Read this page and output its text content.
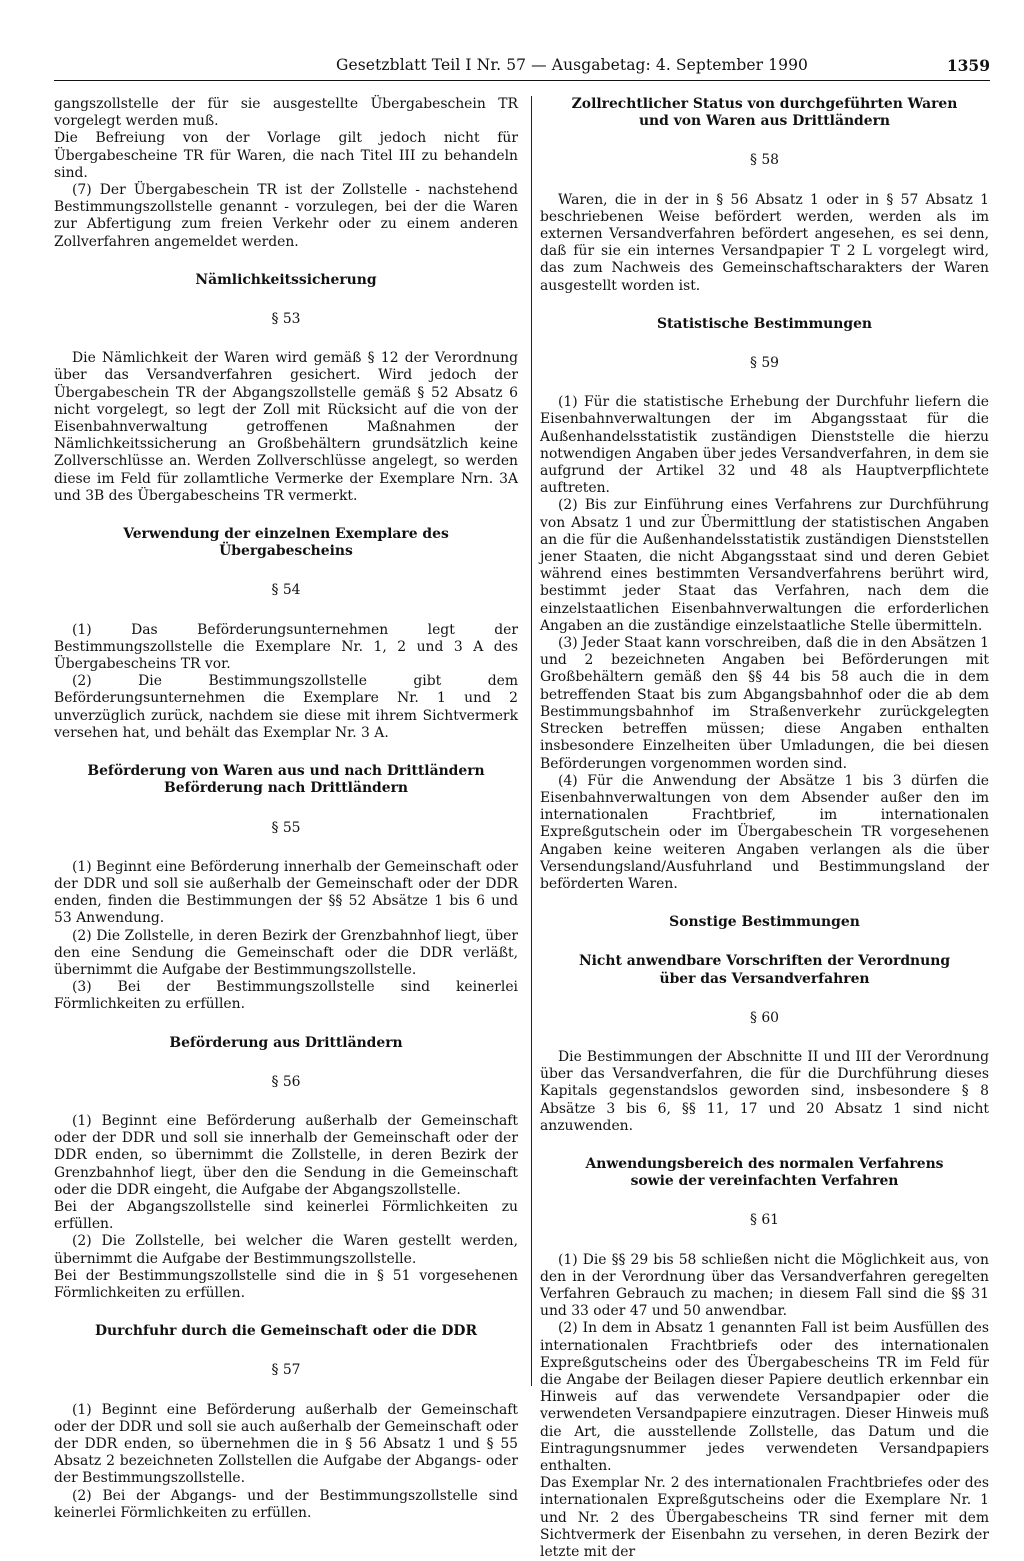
Gesetzblatt Teil I Nr. 57 — Ausgabetag: 4. September 1990	1359

gangszollstelle der für sie ausgestellte Übergabeschein TR vorgelegt werden muß.

Die Befreiung von der Vorlage gilt jedoch nicht für Übergabescheine TR für Waren, die nach Titel III zu behandeln sind.

(7) Der Übergabeschein TR ist der Zollstelle - nachstehend Bestimmungszollstelle genannt - vorzulegen, bei der die Waren zur Abfertigung zum freien Verkehr oder zu einem anderen Zollverfahren angemeldet werden.

Nämlichkeitssicherung

§ 53

Die Nämlichkeit der Waren wird gemäß § 12 der Verordnung über das Versandverfahren gesichert. Wird jedoch der Übergabeschein TR der Abgangszollstelle gemäß § 52 Absatz 6 nicht vorgelegt, so legt der Zoll mit Rücksicht auf die von der Eisenbahnverwaltung getroffenen Maßnahmen der Nämlichkeitssicherung an Großbehältern grundsätzlich keine Zollverschlüsse an. Werden Zollverschlüsse angelegt, so werden diese im Feld für zollamtliche Vermerke der Exemplare Nrn. 3A und 3B des Übergabescheins TR vermerkt.

Verwendung der einzelnen Exemplare des Übergabescheins

§ 54

(1) Das Beförderungsunternehmen legt der Bestimmungszollstelle die Exemplare Nr. 1, 2 und 3 A des Übergabescheins TR vor.

(2) Die Bestimmungszollstelle gibt dem Beförderungsunternehmen die Exemplare Nr. 1 und 2 unverzüglich zurück, nachdem sie diese mit ihrem Sichtvermerk versehen hat, und behält das Exemplar Nr. 3 A.

Beförderung von Waren aus und nach Drittländern
Beförderung nach Drittländern

§ 55

(1) Beginnt eine Beförderung innerhalb der Gemeinschaft oder der DDR und soll sie außerhalb der Gemeinschaft oder der DDR enden, finden die Bestimmungen der §§ 52 Absätze 1 bis 6 und 53 Anwendung.

(2) Die Zollstelle, in deren Bezirk der Grenzbahnhof liegt, über den eine Sendung die Gemeinschaft oder die DDR verläßt, übernimmt die Aufgabe der Bestimmungszollstelle.

(3) Bei der Bestimmungszollstelle sind keinerlei Förmlichkeiten zu erfüllen.

Beförderung aus Drittländern

§ 56

(1) Beginnt eine Beförderung außerhalb der Gemeinschaft oder der DDR und soll sie innerhalb der Gemeinschaft oder der DDR enden, so übernimmt die Zollstelle, in deren Bezirk der Grenzbahnhof liegt, über den die Sendung in die Gemeinschaft oder die DDR eingeht, die Aufgabe der Abgangszollstelle.

Bei der Abgangszollstelle sind keinerlei Förmlichkeiten zu erfüllen.

(2) Die Zollstelle, bei welcher die Waren gestellt werden, übernimmt die Aufgabe der Bestimmungszollstelle.

Bei der Bestimmungszollstelle sind die in § 51 vorgesehenen Förmlichkeiten zu erfüllen.

Durchfuhr durch die Gemeinschaft oder die DDR

§ 57

(1) Beginnt eine Beförderung außerhalb der Gemeinschaft oder der DDR und soll sie auch außerhalb der Gemeinschaft oder der DDR enden, so übernehmen die in § 56 Absatz 1 und § 55 Absatz 2 bezeichneten Zollstellen die Aufgabe der Abgangs- oder der Bestimmungszollstelle.

(2) Bei der Abgangs- und der Bestimmungszollstelle sind keinerlei Förmlichkeiten zu erfüllen.

Zollrechtlicher Status von durchgeführten Waren
und von Waren aus Drittländern

§ 58

Waren, die in der in § 56 Absatz 1 oder in § 57 Absatz 1 beschriebenen Weise befördert werden, werden als im externen Versandverfahren befördert angesehen, es sei denn, daß für sie ein internes Versandpapier T 2 L vorgelegt wird, das zum Nachweis des Gemeinschaftscharakters der Waren ausgestellt worden ist.

Statistische Bestimmungen

§ 59

(1) Für die statistische Erhebung der Durchfuhr liefern die Eisenbahnverwaltungen der im Abgangsstaat für die Außenhandelsstatistik zuständigen Dienststelle die hierzu notwendigen Angaben über jedes Versandverfahren, in dem sie aufgrund der Artikel 32 und 48 als Hauptverpflichtete auftreten.

(2) Bis zur Einführung eines Verfahrens zur Durchführung von Absatz 1 und zur Übermittlung der statistischen Angaben an die für die Außenhandelsstatistik zuständigen Dienststellen jener Staaten, die nicht Abgangsstaat sind und deren Gebiet während eines bestimmten Versandverfahrens berührt wird, bestimmt jeder Staat das Verfahren, nach dem die einzelstaatlichen Eisenbahnverwaltungen die erforderlichen Angaben an die zuständige einzelstaatliche Stelle übermitteln.

(3) Jeder Staat kann vorschreiben, daß die in den Absätzen 1 und 2 bezeichneten Angaben bei Beförderungen mit Großbehältern gemäß den §§ 44 bis 58 auch die in dem betreffenden Staat bis zum Abgangsbahnhof oder die ab dem Bestimmungsbahnhof im Straßenverkehr zurückgelegten Strecken betreffen müssen; diese Angaben enthalten insbesondere Einzelheiten über Umladungen, die bei diesen Beförderungen vorgenommen worden sind.

(4) Für die Anwendung der Absätze 1 bis 3 dürfen die Eisenbahnverwaltungen von dem Absender außer den im internationalen Frachtbrief, im internationalen Expreßgutschein oder im Übergabeschein TR vorgesehenen Angaben keine weiteren Angaben verlangen als die über Versendungsland/Ausfuhrland und Bestimmungsland der beförderten Waren.

Sonstige Bestimmungen
Nicht anwendbare Vorschriften der Verordnung
über das Versandverfahren

§ 60

Die Bestimmungen der Abschnitte II und III der Verordnung über das Versandverfahren, die für die Durchführung dieses Kapitals gegenstandslos geworden sind, insbesondere § 8 Absätze 3 bis 6, §§ 11, 17 und 20 Absatz 1 sind nicht anzuwenden.

Anwendungsbereich des normalen Verfahrens
sowie der vereinfachten Verfahren

§ 61

(1) Die §§ 29 bis 58 schließen nicht die Möglichkeit aus, von den in der Verordnung über das Versandverfahren geregelten Verfahren Gebrauch zu machen; in diesem Fall sind die §§ 31 und 33 oder 47 und 50 anwendbar.

(2) In dem in Absatz 1 genannten Fall ist beim Ausfüllen des internationalen Frachtbriefs oder des internationalen Expreßgutscheins oder des Übergabescheins TR im Feld für die Angabe der Beilagen dieser Papiere deutlich erkennbar ein Hinweis auf das verwendete Versandpapier oder die verwendeten Versandpapiere einzutragen. Dieser Hinweis muß die Art, die ausstellende Zollstelle, das Datum und die Eintragungsnummer jedes verwendeten Versandpapiers enthalten.

Das Exemplar Nr. 2 des internationalen Frachtbriefes oder des internationalen Expreßgutscheins oder die Exemplare Nr. 1 und Nr. 2 des Übergabescheins TR sind ferner mit dem Sichtvermerk der Eisenbahn zu versehen, in deren Bezirk der letzte mit der
